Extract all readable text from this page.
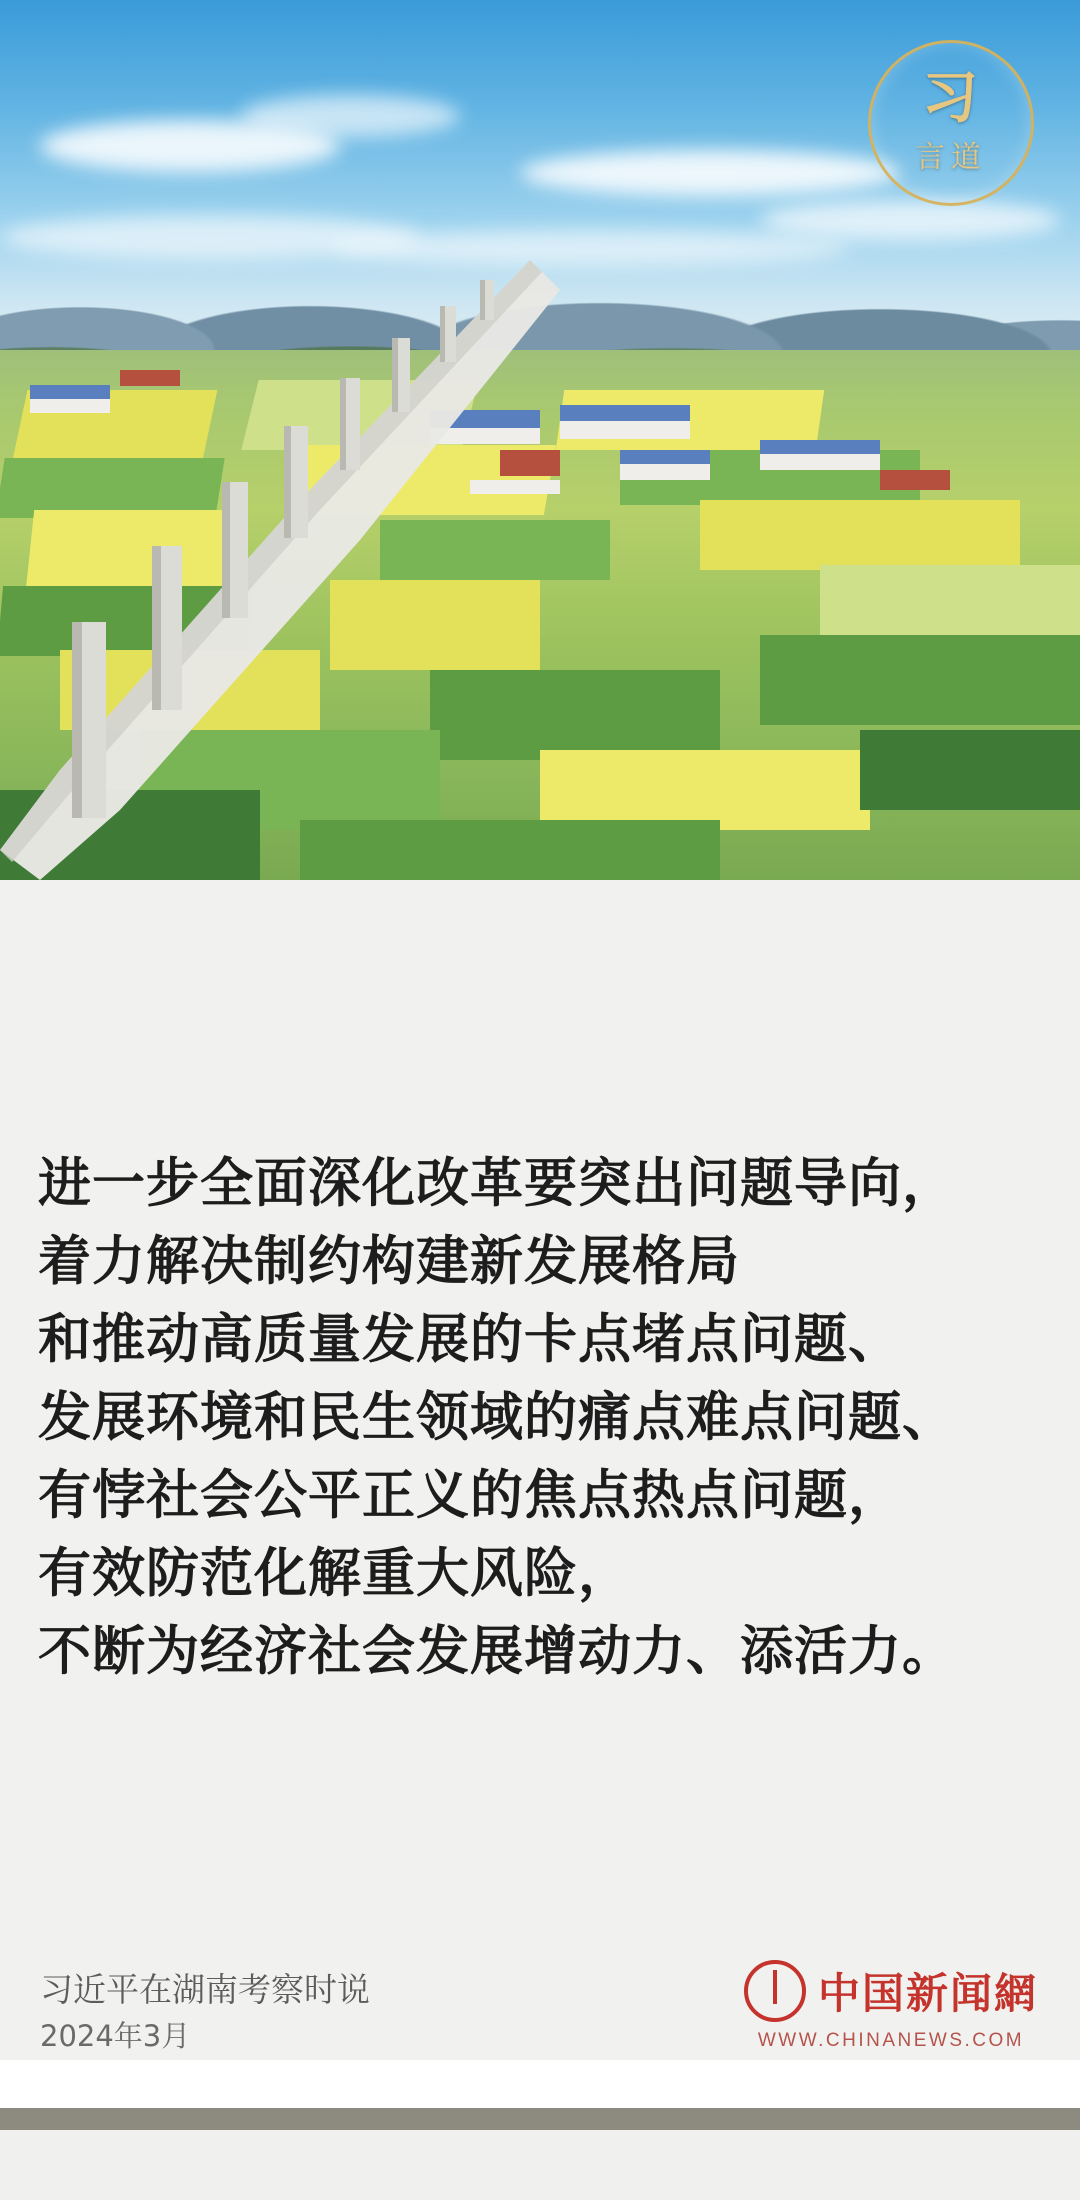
习
言道
进一步全面深化改革要突出问题导向，
着力解决制约构建新发展格局
和推动高质量发展的卡点堵点问题、
发展环境和民生领域的痛点难点问题、
有悖社会公平正义的焦点热点问题，
有效防范化解重大风险，
不断为经济社会发展增动力、添活力。
习近平在湖南考察时说
2024年3月
中国新闻網
WWW.CHINANEWS.COM
